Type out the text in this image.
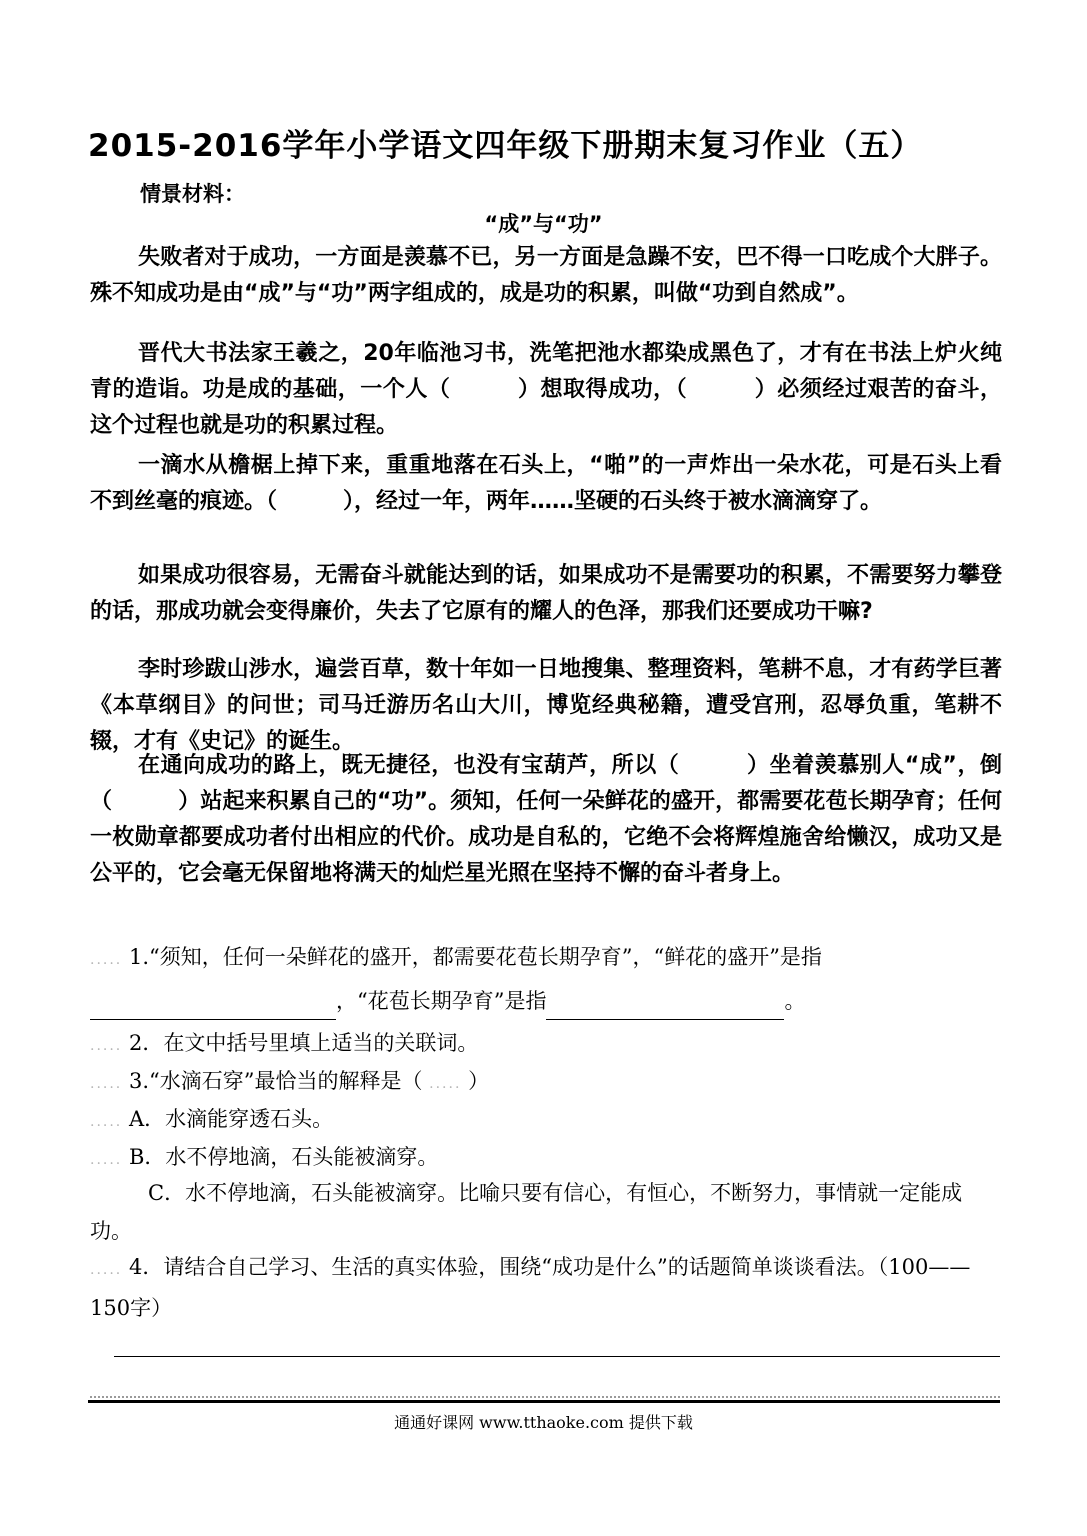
2015-2016学年小学语文四年级下册期末复习作业（五）
情景材料：
“成”与“功”

失败者对于成功，一方面是羡慕不已，另一方面是急躁不安，巴不得一口吃成个大胖子。殊不知成功是由“成”与“功”两字组成的，成是功的积累，叫做“功到自然成”。

晋代大书法家王羲之，20年临池习书，洗笔把池水都染成黑色了，才有在书法上炉火纯青的造诣。功是成的基础，一个人（　　　）想取得成功，（　　　）必须经过艰苦的奋斗，这个过程也就是功的积累过程。

一滴水从檐椐上掉下来，重重地落在石头上，“啪”的一声炸出一朵水花，可是石头上看不到丝毫的痕迹。（　　　），经过一年，两年……坚硬的石头终于被水滴滴穿了。

如果成功很容易，无需奋斗就能达到的话，如果成功不是需要功的积累，不需要努力攀登的话，那成功就会变得廉价，失去了它原有的耀人的色泽，那我们还要成功干嘛?

李时珍跋山涉水，遍尝百草，数十年如一日地搜集、整理资料，笔耕不息，才有药学巨著《本草纲目》的问世；司马迁游历名山大川，博览经典秘籍，遭受宫刑，忍辱负重，笔耕不辍，才有《史记》的诞生。

在通向成功的路上，既无捷径，也没有宝葫芦，所以（　　　）坐着羡慕别人“成”，倒（　　　）站起来积累自己的“功”。须知，任何一朵鲜花的盛开，都需要花苞长期孕育；任何一枚勋章都要成功者付出相应的代价。成功是自私的，它绝不会将辉煌施舍给懒汉，成功又是公平的，它会毫无保留地将满天的灿烂星光照在坚持不懈的奋斗者身上。

..... 1.“须知，任何一朵鲜花的盛开，都需要花苞长期孕育”，“鲜花的盛开”是指
，“花苞长期孕育”是指	。
..... 2．在文中括号里填上适当的关联词。
..... 3.“水滴石穿”最恰当的解释是（ ..... ）
..... A．水滴能穿透石头。
..... B．水不停地滴，石头能被滴穿。

C．水不停地滴，石头能被滴穿。比喻只要有信心，有恒心，不断努力，事情就一定能成功。

..... 4．请结合自己学习、生活的真实体验，围绕“成功是什么”的话题简单谈谈看法。（100——150字）
通通好课网 www.tthaoke.com 提供下载
